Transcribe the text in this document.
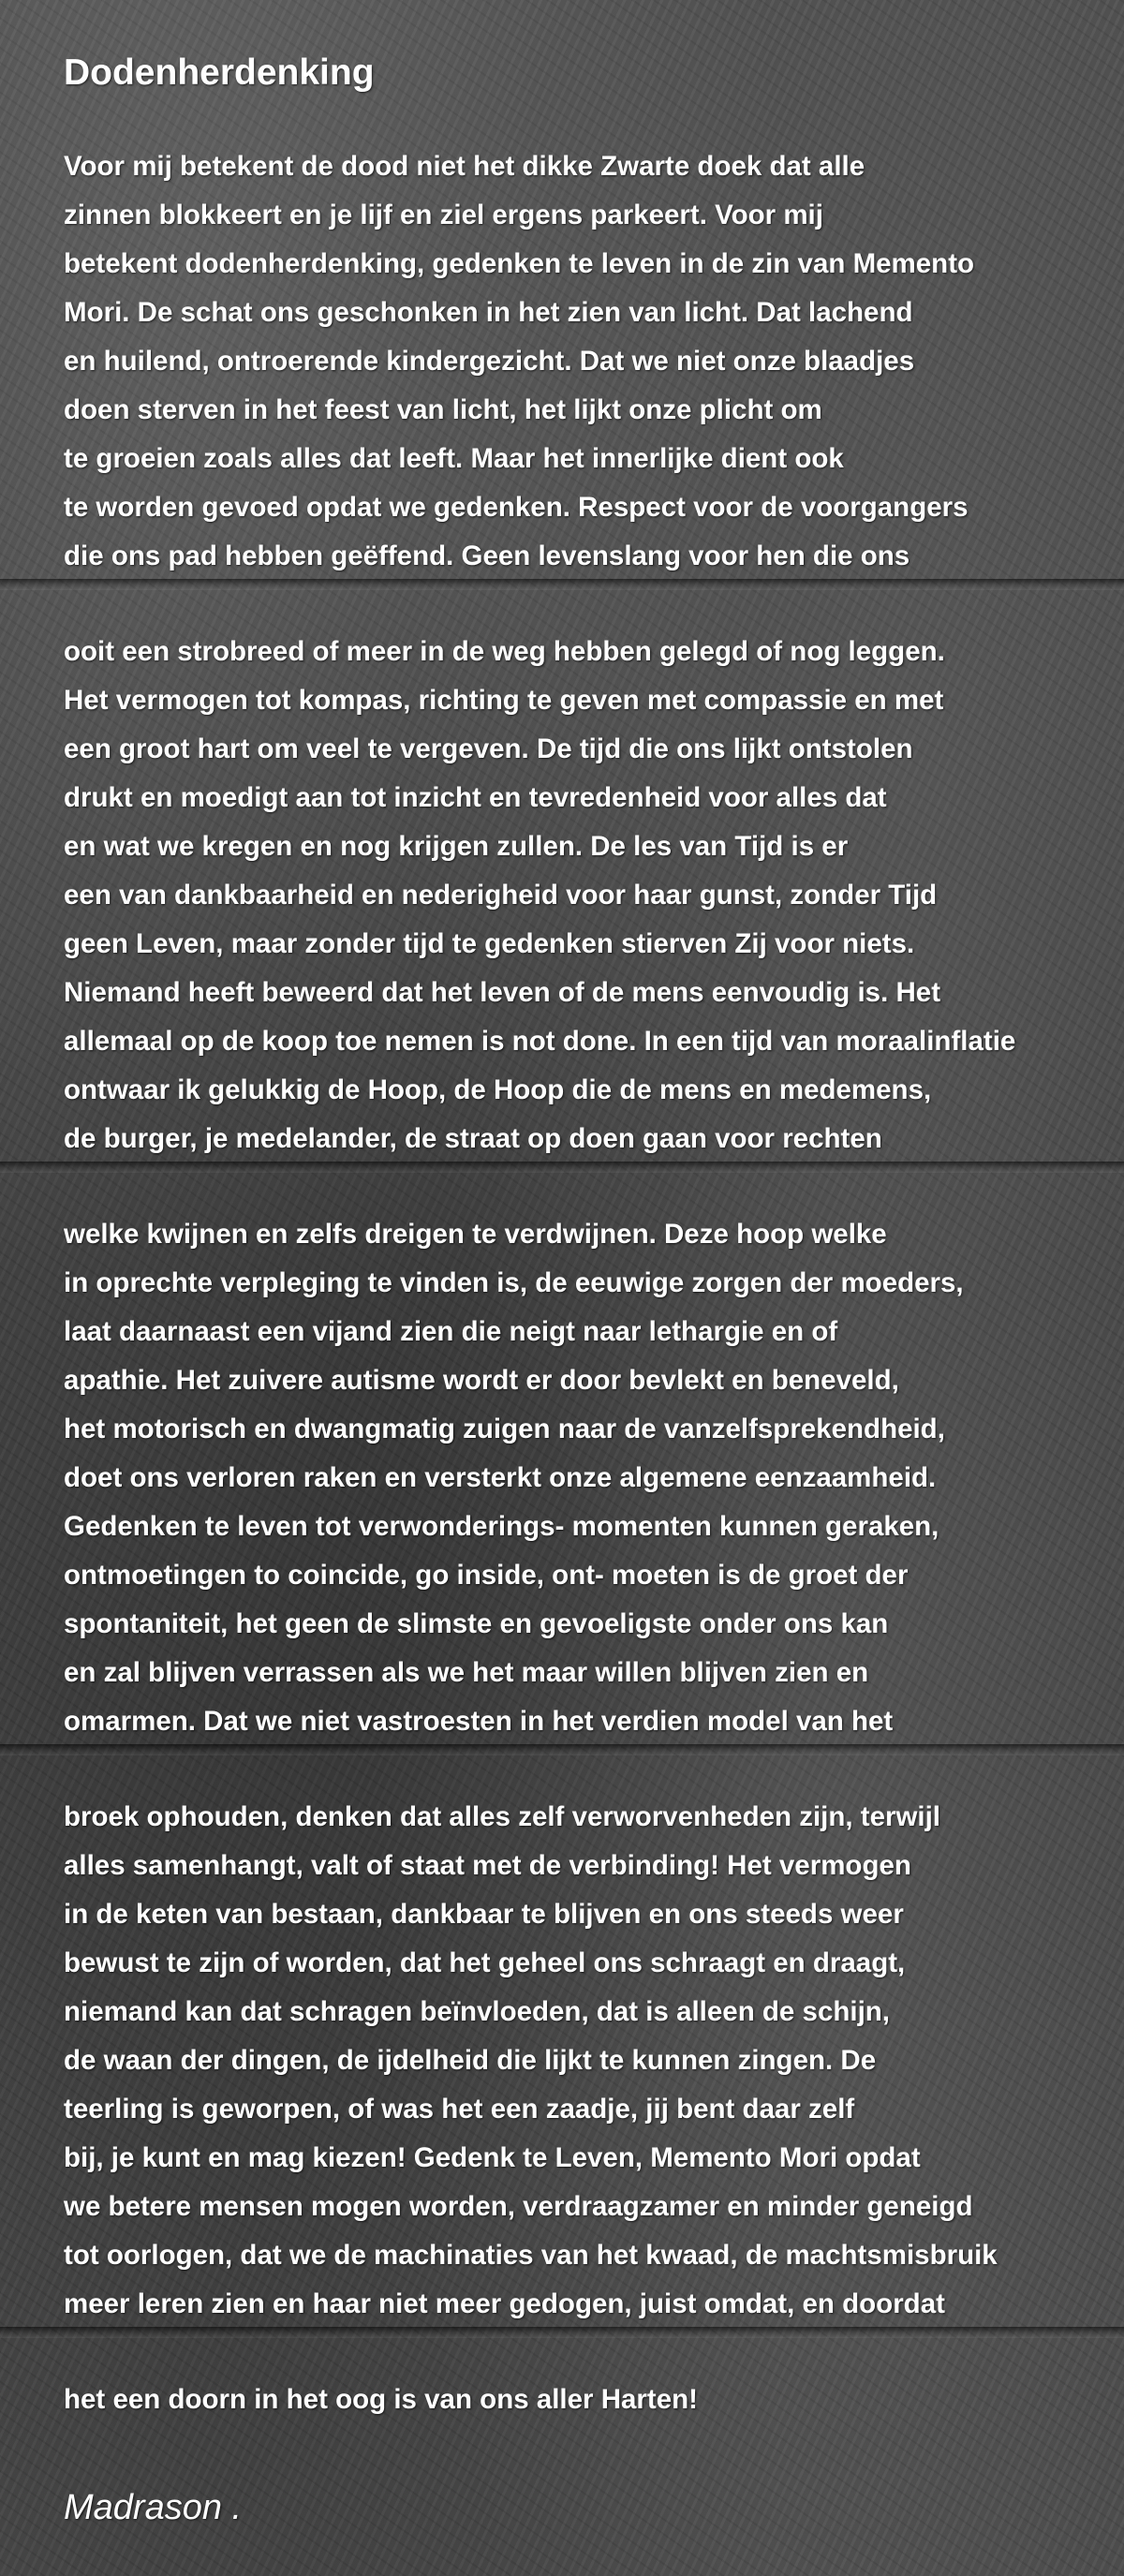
Dodenherdenking
Voor mij betekent de dood niet het dikke Zwarte doek dat alle
zinnen blokkeert en je lijf en ziel ergens parkeert. Voor mij
betekent dodenherdenking, gedenken te leven in de zin van Memento
Mori. De schat ons geschonken in het zien van licht. Dat lachend
en huilend, ontroerende kindergezicht. Dat we niet onze blaadjes
doen sterven in het feest van licht, het lijkt onze plicht om
te groeien zoals alles dat leeft. Maar het innerlijke dient ook
te worden gevoed opdat we gedenken. Respect voor de voorgangers
die ons pad hebben geëffend. Geen levenslang voor hen die ons
ooit een strobreed of meer in de weg hebben gelegd of nog leggen.
Het vermogen tot kompas, richting te geven met compassie en met
een groot hart om veel te vergeven. De tijd die ons lijkt ontstolen
drukt en moedigt aan tot inzicht en tevredenheid voor alles dat
en wat we kregen en nog krijgen zullen. De les van Tijd is er
een van dankbaarheid en nederigheid voor haar gunst, zonder Tijd
geen Leven, maar zonder tijd te gedenken stierven Zij voor niets.
Niemand heeft beweerd dat het leven of de mens eenvoudig is. Het
allemaal op de koop toe nemen is not done. In een tijd van moraalinflatie
ontwaar ik gelukkig de Hoop, de Hoop die de mens en medemens,
de burger, je medelander, de straat op doen gaan voor rechten
welke kwijnen en zelfs dreigen te verdwijnen. Deze hoop welke
in oprechte verpleging te vinden is, de eeuwige zorgen der moeders,
laat daarnaast een vijand zien die neigt naar lethargie en of
apathie. Het zuivere autisme wordt er door bevlekt en beneveld,
het motorisch en dwangmatig zuigen naar de vanzelfsprekendheid,
doet ons verloren raken en versterkt onze algemene eenzaamheid.
Gedenken te leven tot verwonderings- momenten kunnen geraken,
ontmoetingen to coincide, go inside, ont- moeten is de groet der
spontaniteit, het geen de slimste en gevoeligste onder ons kan
en zal blijven verrassen als we het maar willen blijven zien en
omarmen. Dat we niet vastroesten in het verdien model van het
broek ophouden, denken dat alles zelf verworvenheden zijn, terwijl
alles samenhangt, valt of staat met de verbinding! Het vermogen
in de keten van bestaan, dankbaar te blijven en ons steeds weer
bewust te zijn of worden, dat het geheel ons schraagt en draagt,
niemand kan dat schragen beïnvloeden, dat is alleen de schijn,
de waan der dingen, de ijdelheid die lijkt te kunnen zingen. De
teerling is geworpen, of was het een zaadje, jij bent daar zelf
bij, je kunt en mag kiezen! Gedenk te Leven, Memento Mori opdat
we betere mensen mogen worden, verdraagzamer en minder geneigd
tot oorlogen, dat we de machinaties van het kwaad, de machtsmisbruik
meer leren zien en haar niet meer gedogen, juist omdat, en doordat
het een doorn in het oog is van ons aller Harten!
Madrason .
